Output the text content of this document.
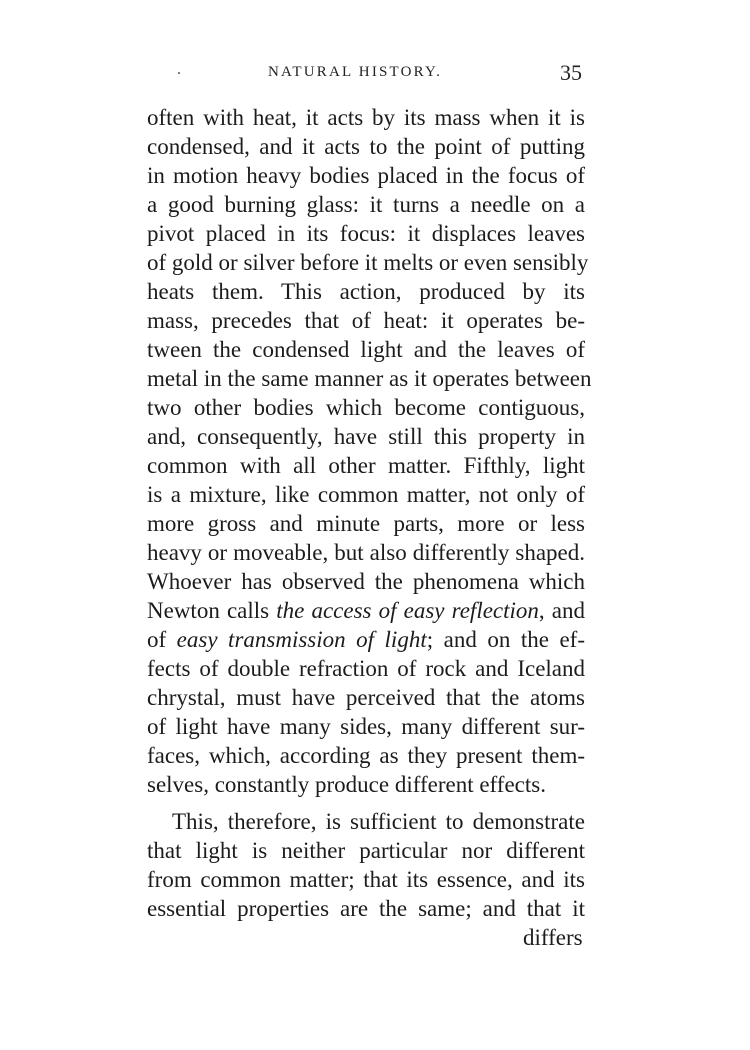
NATURAL HISTORY.	35
often with heat, it acts by its mass when it is
condensed, and it acts to the point of putting
in motion heavy bodies placed in the focus of
a good burning glass: it turns a needle on a
pivot placed in its focus: it displaces leaves
of gold or silver before it melts or even sensibly
heats them. This action, produced by its
mass, precedes that of heat: it operates be-
tween the condensed light and the leaves of
metal in the same manner as it operates between
two other bodies which become contiguous,
and, consequently, have still this property in
common with all other matter. Fifthly, light
is a mixture, like common matter, not only of
more gross and minute parts, more or less
heavy or moveable, but also differently shaped.
Whoever has observed the phenomena which
Newton calls the access of easy reflection, and
of easy transmission of light; and on the ef-
fects of double refraction of rock and Iceland
chrystal, must have perceived that the atoms
of light have many sides, many different sur-
faces, which, according as they present them-
selves, constantly produce different effects.
This, therefore, is sufficient to demonstrate
that light is neither particular nor different
from common matter; that its essence, and its
essential properties are the same; and that it
differs
